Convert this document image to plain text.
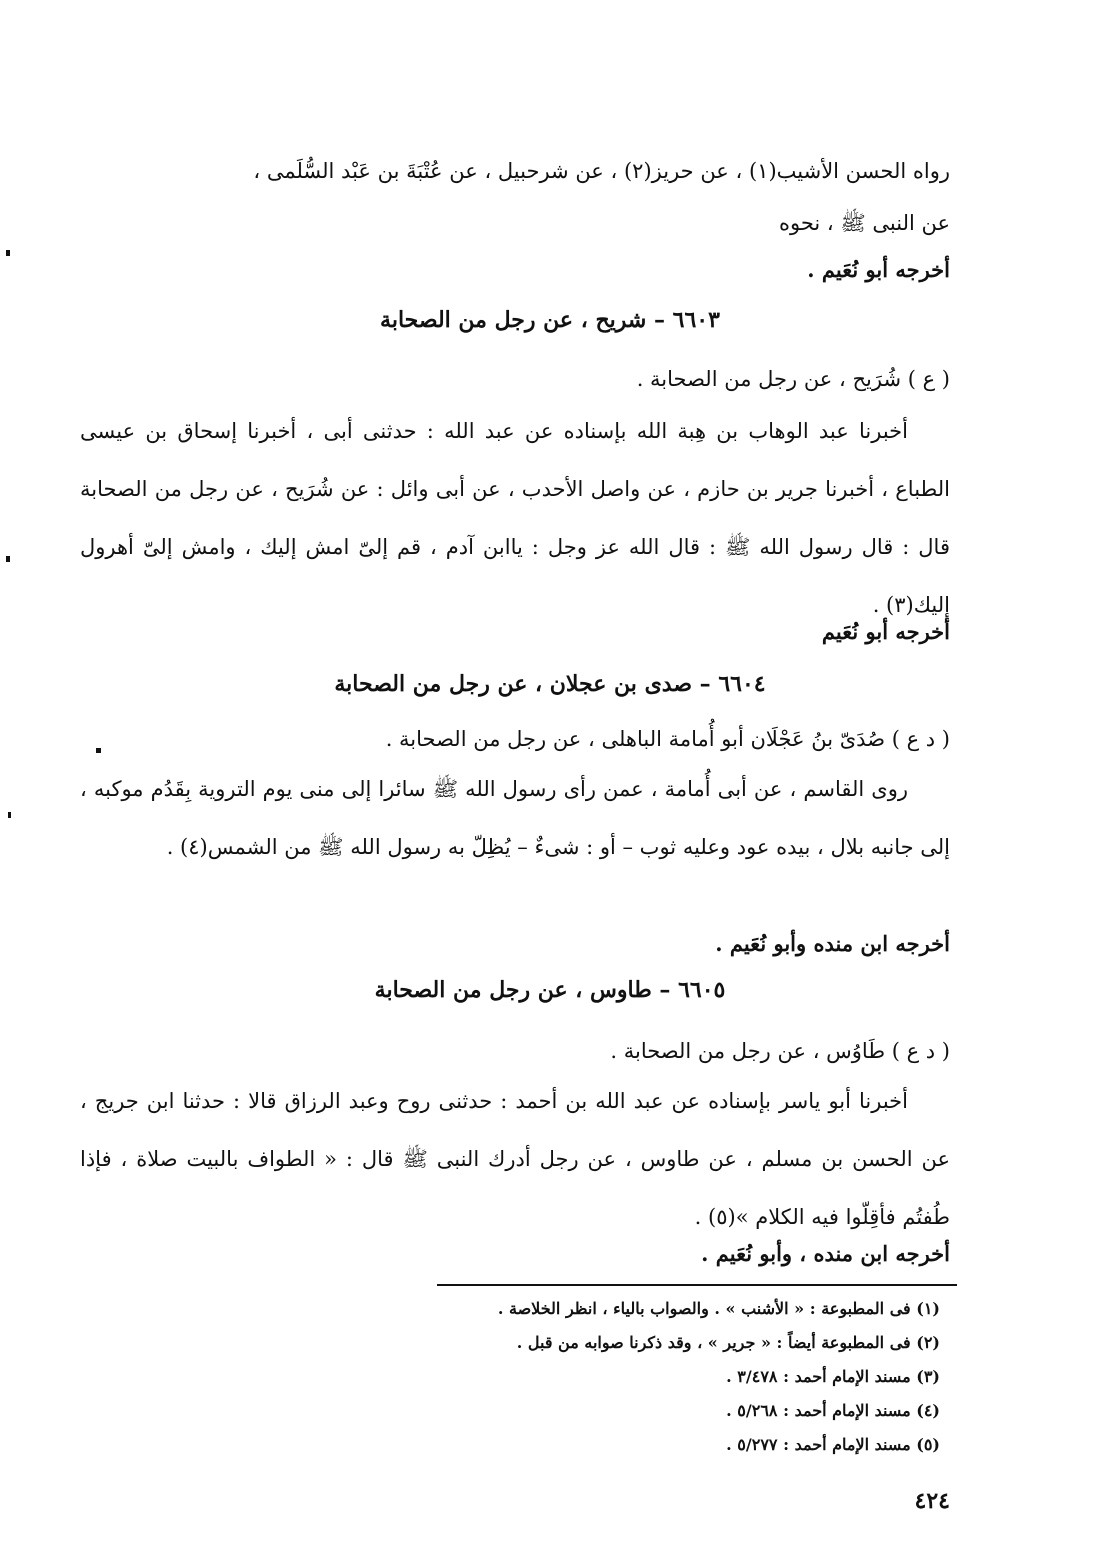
رواه الحسن الأشيب(١) ، عن حريز(٢) ، عن شرحبيل ، عن عُتْبَةَ بن عَبْد السُّلَمى ،
عن النبى ﷺ ، نحوه
أخرجه أبو نُعَيم .
٦٦٠٣ – شريح ، عن رجل من الصحابة
( ع ) شُرَيح ، عن رجل من الصحابة .
أخبرنا عبد الوهاب بن هِبة الله بإسناده عن عبد الله : حدثنى أبى ، أخبرنا إسحاق بن عيسى الطباع ، أخبرنا جرير بن حازم ، عن واصل الأحدب ، عن أبى وائل : عن شُرَيح ، عن رجل من الصحابة قال : قال رسول الله ﷺ : قال الله عز وجل : ياابن آدم ، قم إلىّ امش إليك ، وامش إلىّ أهرول إليك(٣) .
أخرجه أبو نُعَيم
٦٦٠٤ – صدى بن عجلان ، عن رجل من الصحابة
( د ع ) صُدَىّ بنُ عَجْلَان أبو أُمامة الباهلى ، عن رجل من الصحابة .
روى القاسم ، عن أبى أُمامة ، عمن رأى رسول الله ﷺ سائرا إلى منى يوم التروية بِقَدُم موكبه ، إلى جانبه بلال ، بيده عود وعليه ثوب – أو : شىءٌ – يُظِلّ به رسول الله ﷺ من الشمس(٤) .
أخرجه ابن منده وأبو نُعَيم .
٦٦٠٥ – طاوس ، عن رجل من الصحابة
( د ع ) طَاوُس ، عن رجل من الصحابة .
أخبرنا أبو ياسر بإسناده عن عبد الله بن أحمد : حدثنى روح وعبد الرزاق قالا : حدثنا ابن جريج ، عن الحسن بن مسلم ، عن طاوس ، عن رجل أدرك النبى ﷺ قال : « الطواف بالبيت صلاة ، فإذا طُفتُم فأقِلّوا فيه الكلام »(٥) .
أخرجه ابن منده ، وأبو نُعَيم .
(١) فى المطبوعة : « الأشنب » . والصواب بالياء ، انظر الخلاصة .
(٢) فى المطبوعة أيضاً : « جرير » ، وقد ذكرنا صوابه من قبل .
(٣) مسند الإمام أحمد : ٣/٤٧٨ .
(٤) مسند الإمام أحمد : ٥/٢٦٨ .
(٥) مسند الإمام أحمد : ٥/٢٧٧ .
٤٢٤
